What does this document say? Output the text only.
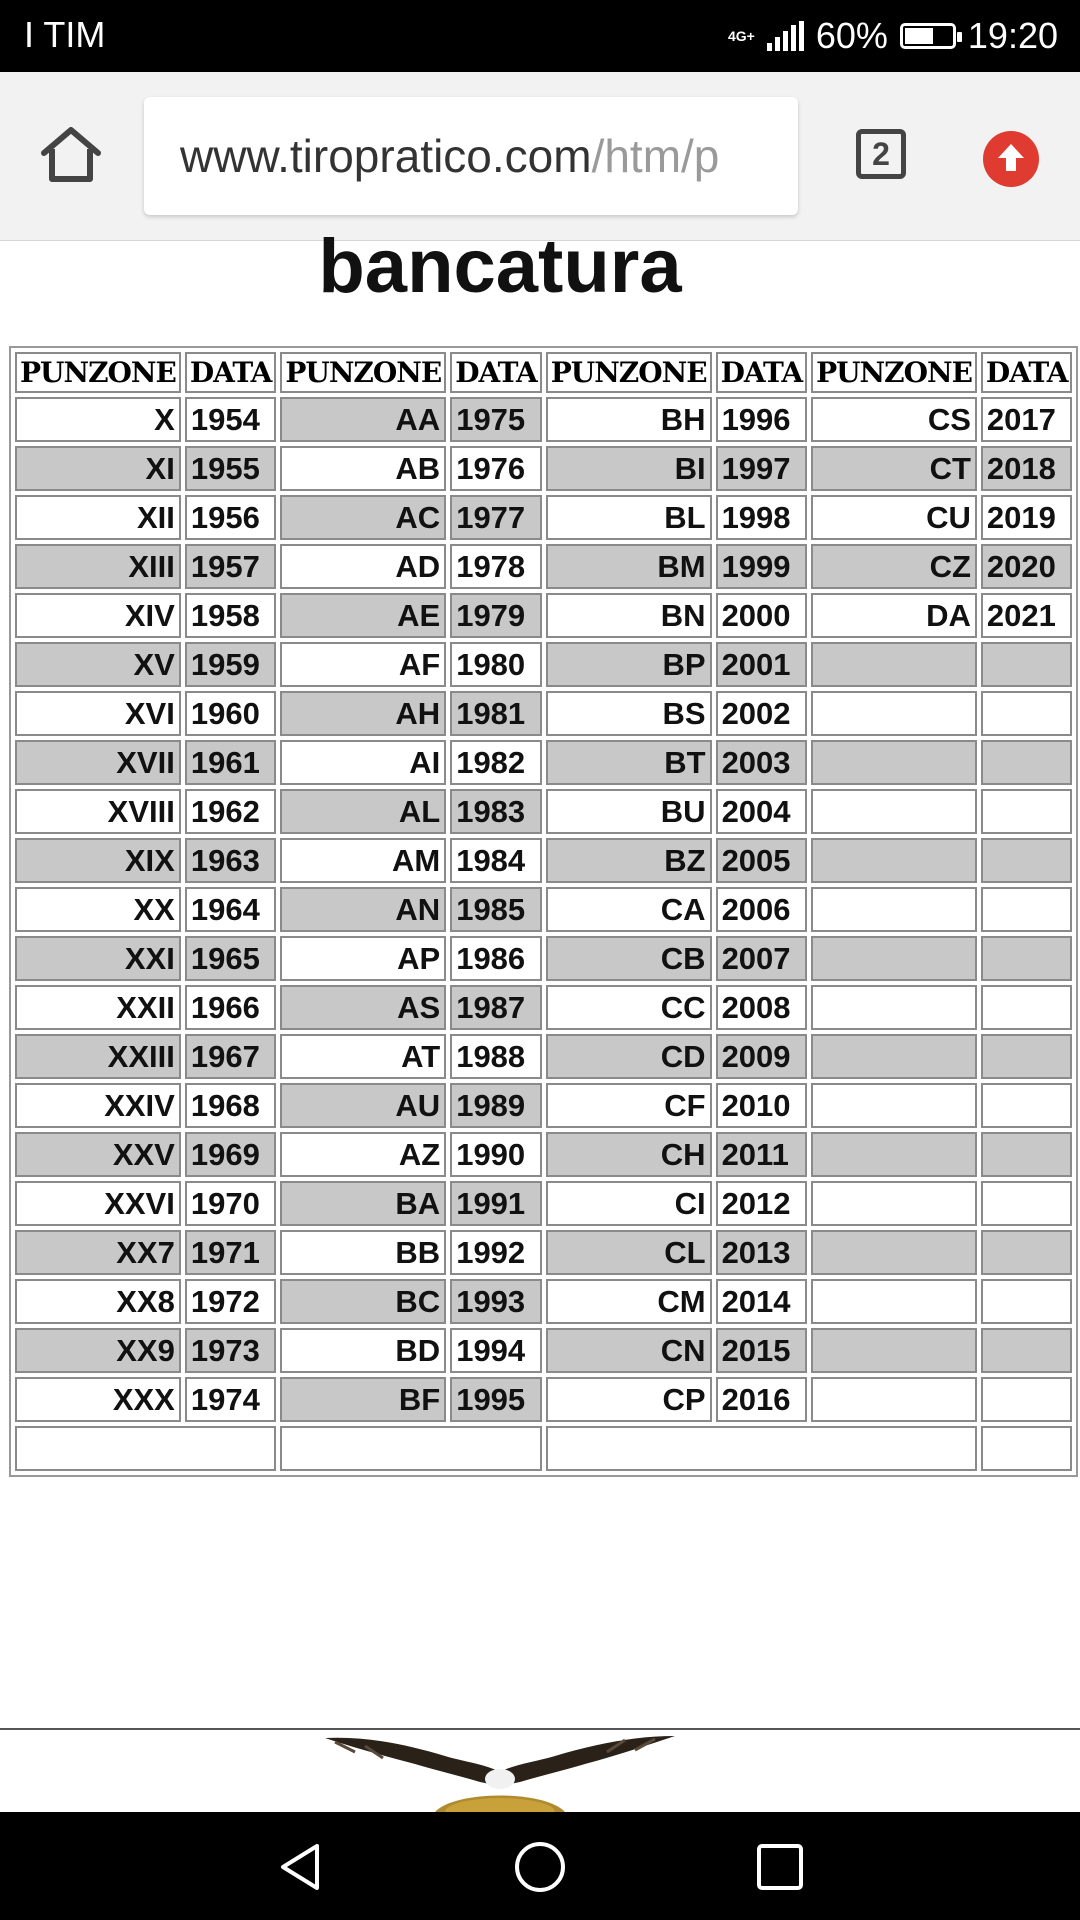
I TIM	4G+ 60% 19:20
www.tiropratico.com/htm/p	2
bancatura
PUNZONE	DATA	PUNZONE	DATA	PUNZONE	DATA	PUNZONE	DATA
X	1954	AA	1975	BH	1996	CS	2017
XI	1955	AB	1976	BI	1997	CT	2018
XII	1956	AC	1977	BL	1998	CU	2019
XIII	1957	AD	1978	BM	1999	CZ	2020
XIV	1958	AE	1979	BN	2000	DA	2021
XV	1959	AF	1980	BP	2001		
XVI	1960	AH	1981	BS	2002		
XVII	1961	AI	1982	BT	2003		
XVIII	1962	AL	1983	BU	2004		
XIX	1963	AM	1984	BZ	2005		
XX	1964	AN	1985	CA	2006		
XXI	1965	AP	1986	CB	2007		
XXII	1966	AS	1987	CC	2008		
XXIII	1967	AT	1988	CD	2009		
XXIV	1968	AU	1989	CF	2010		
XXV	1969	AZ	1990	CH	2011		
XXVI	1970	BA	1991	CI	2012		
XX7	1971	BB	1992	CL	2013		
XX8	1972	BC	1993	CM	2014		
XX9	1973	BD	1994	CN	2015		
XXX	1974	BF	1995	CP	2016		
